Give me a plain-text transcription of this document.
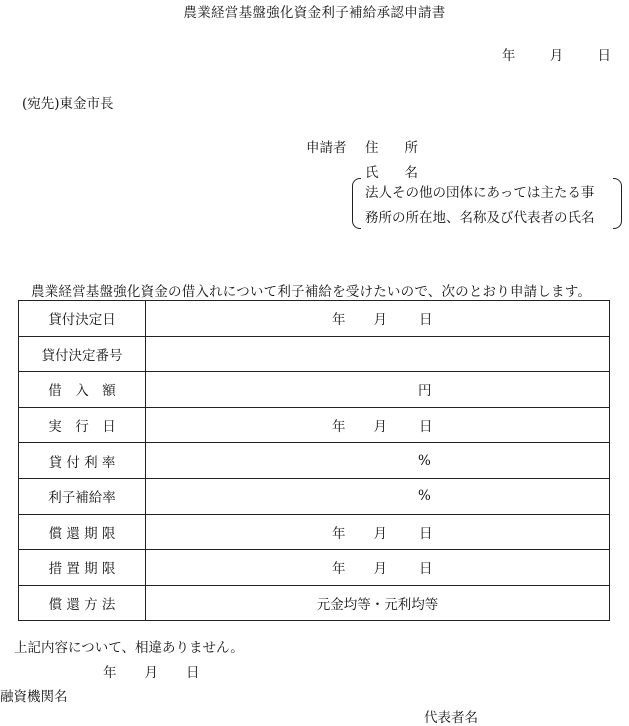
農業経営基盤強化資金利子補給承認申請書
年	月	日
(宛先)東金市長
申請者 住 所
氏 名
法人その他の団体にあっては主たる事
務所の所在地、名称及び代表者の氏名
農業経営基盤強化資金の借入れについて利子補給を受けたいので、次のとおり申請します。
貸付決定日	年 月 日

貸付決定番号	
借　入　額	円

実　行　日	年 月 日

貸 付 利 率	%

利子補給率	%

償 還 期 限	年 月 日

措 置 期 限	年 月 日

償 還 方 法	元金均等・元利均等
上記内容について、相違ありません。
年 月 日
融資機関名
代表者名
